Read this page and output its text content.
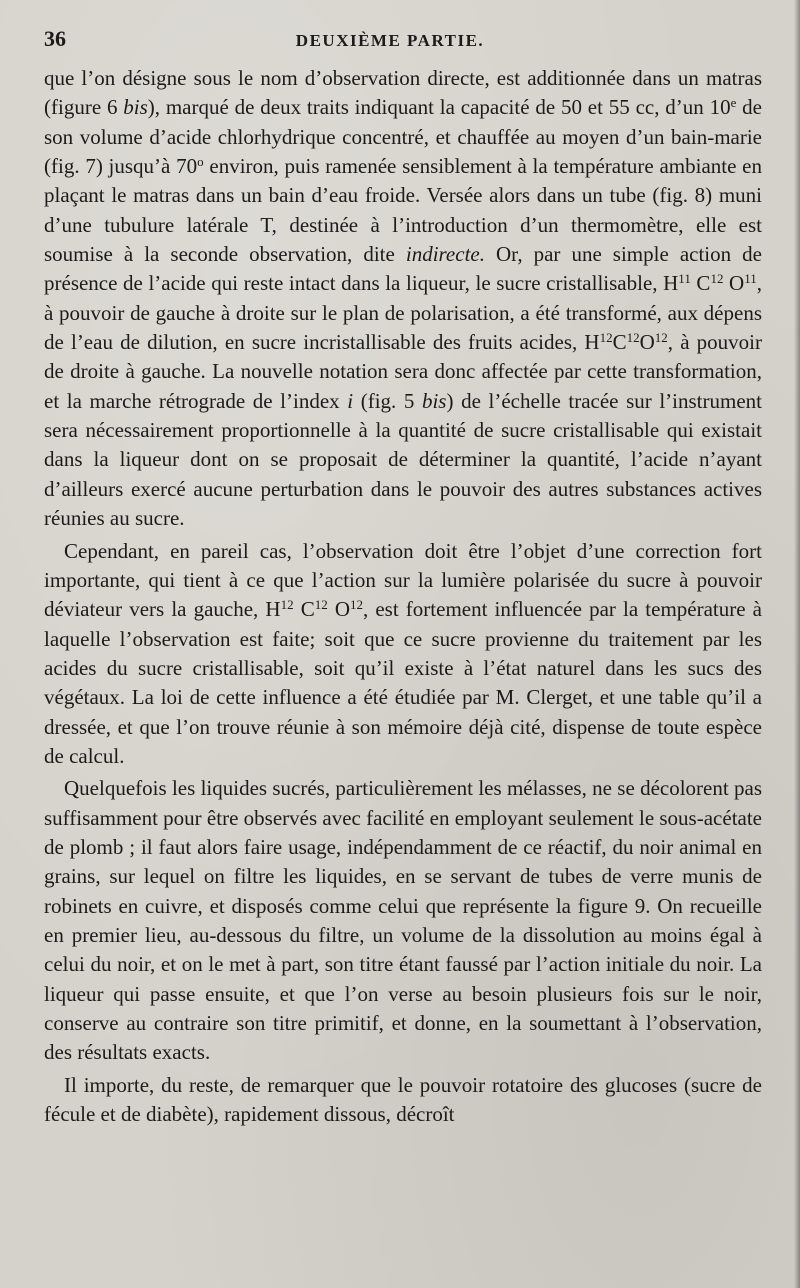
36	DEUXIÈME PARTIE.

que l’on désigne sous le nom d’observation directe, est additionnée dans un matras (figure 6 bis), marqué de deux traits indiquant la capacité de 50 et 55 cc, d’un 10e de son volume d’acide chlorhydrique concentré, et chauffée au moyen d’un bain-marie (fig. 7) jusqu’à 70$^o$ environ, puis ramenée sensiblement à la température ambiante en plaçant le matras dans un bain d’eau froide. Versée alors dans un tube (fig. 8) muni d’une tubulure latérale T, destinée à l’introduction d’un thermomètre, elle est soumise à la seconde observation, dite indirecte. Or, par une simple action de présence de l’acide qui reste intact dans la liqueur, le sucre cristallisable, $H^{11}$ $C^{12}$ $O^{11}$, à pouvoir de gauche à droite sur le plan de polarisation, a été transformé, aux dépens de l’eau de dilution, en sucre incristallisable des fruits acides, $H^{12}C^{12}O^{12}$, à pouvoir de droite à gauche. La nouvelle notation sera donc affectée par cette transformation, et la marche rétrograde de l’index i (fig. 5 bis) de l’échelle tracée sur l’instrument sera nécessairement proportionnelle à la quantité de sucre cristallisable qui existait dans la liqueur dont on se proposait de déterminer la quantité, l’acide n’ayant d’ailleurs exercé aucune perturbation dans le pouvoir des autres substances actives réunies au sucre.

Cependant, en pareil cas, l’observation doit être l’objet d’une correction fort importante, qui tient à ce que l’action sur la lumière polarisée du sucre à pouvoir déviateur vers la gauche, $H^{12}$ $C^{12}$ $O^{12}$, est fortement influencée par la température à laquelle l’observation est faite; soit que ce sucre provienne du traitement par les acides du sucre cristallisable, soit qu’il existe à l’état naturel dans les sucs des végétaux. La loi de cette influence a été étudiée par M. Clerget, et une table qu’il a dressée, et que l’on trouve réunie à son mémoire déjà cité, dispense de toute espèce de calcul.

Quelquefois les liquides sucrés, particulièrement les mélasses, ne se décolorent pas suffisamment pour être observés avec facilité en employant seulement le sous-acétate de plomb ; il faut alors faire usage, indépendamment de ce réactif, du noir animal en grains, sur lequel on filtre les liquides, en se servant de tubes de verre munis de robinets en cuivre, et disposés comme celui que représente la figure 9. On recueille en premier lieu, au-dessous du filtre, un volume de la dissolution au moins égal à celui du noir, et on le met à part, son titre étant faussé par l’action initiale du noir. La liqueur qui passe ensuite, et que l’on verse au besoin plusieurs fois sur le noir, conserve au contraire son titre primitif, et donne, en la soumettant à l’observation, des résultats exacts.

Il importe, du reste, de remarquer que le pouvoir rotatoire des glucoses (sucre de fécule et de diabète), rapidement dissous, décroît
